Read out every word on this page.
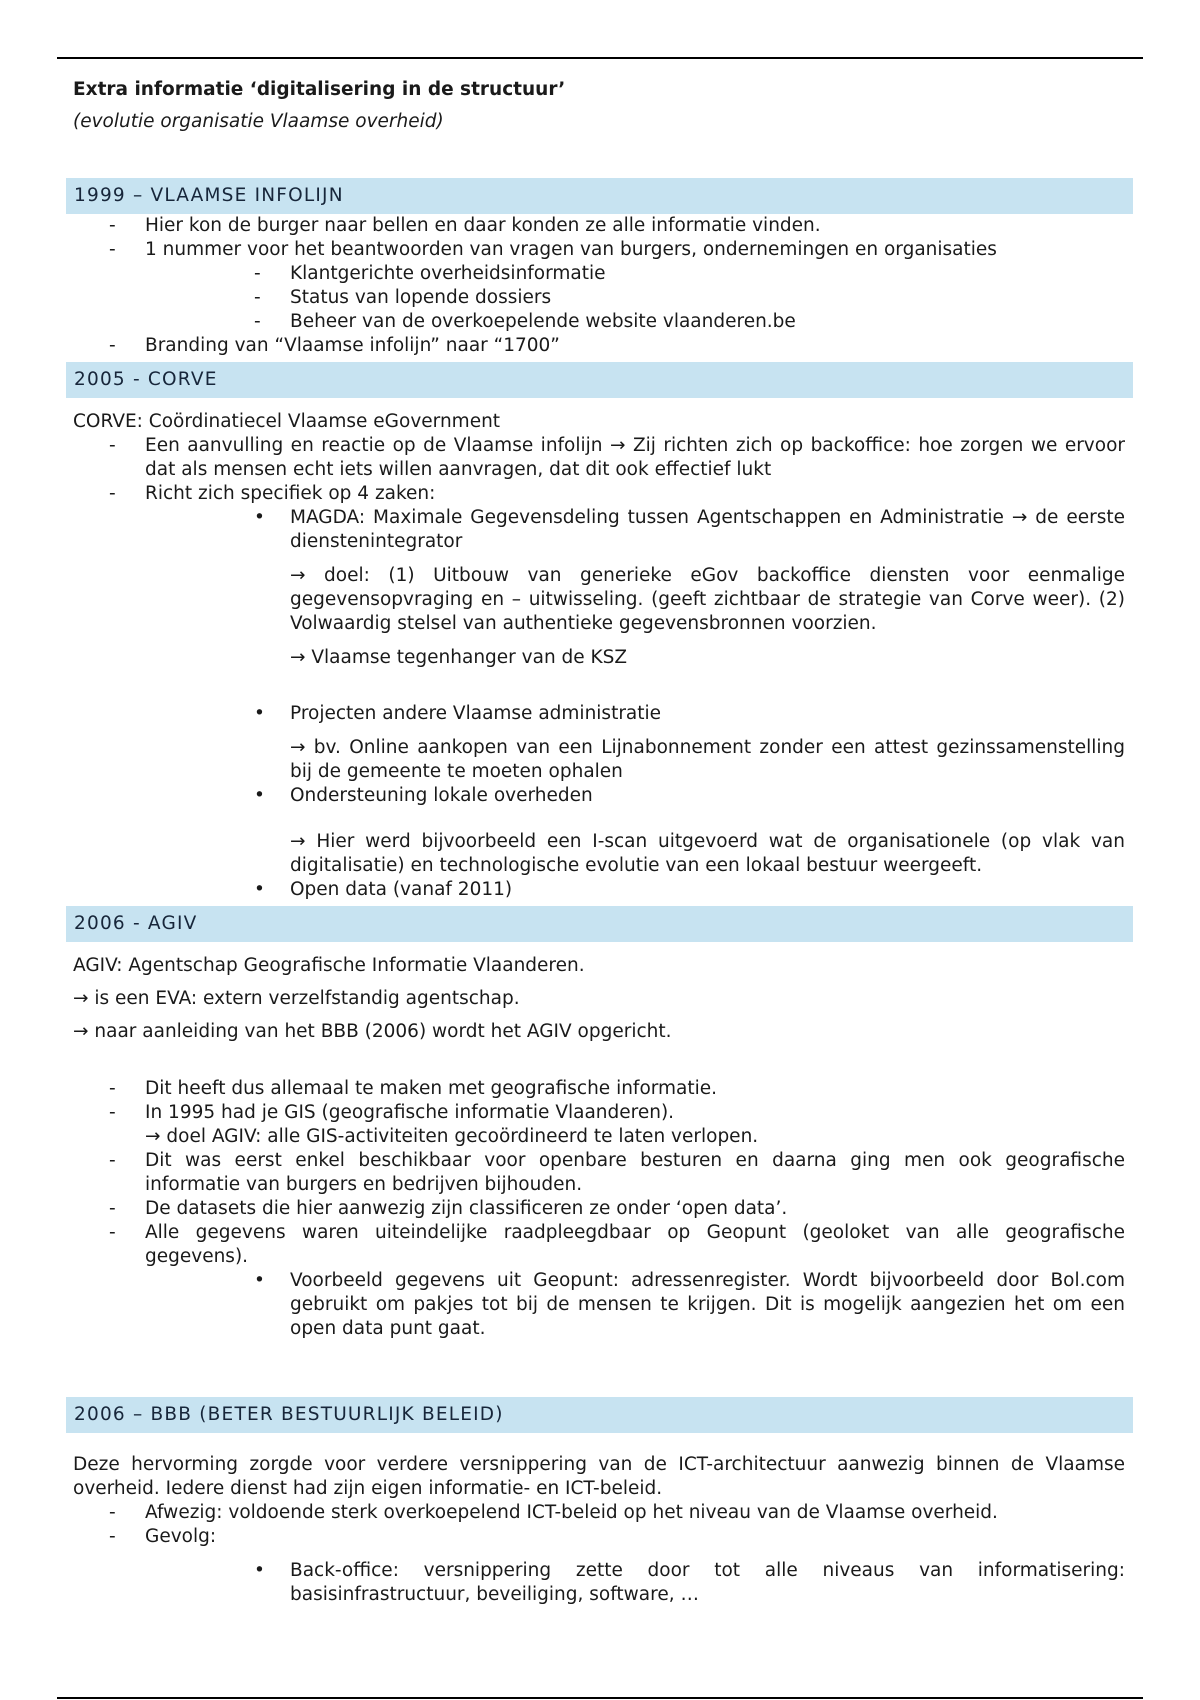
Extra informatie ‘digitalisering in de structuur’

(evolutie organisatie Vlaamse overheid)

1999 – VLAAMSE INFOLIJN
- Hier kon de burger naar bellen en daar konden ze alle informatie vinden.
- 1 nummer voor het beantwoorden van vragen van burgers, ondernemingen en organisaties
- Klantgerichte overheidsinformatie
- Status van lopende dossiers
- Beheer van de overkoepelende website vlaanderen.be
- Branding van “Vlaamse infolijn” naar “1700”
2005 - CORVE

CORVE: Coördinatiecel Vlaamse eGovernment

- Een aanvulling en reactie op de Vlaamse infolijn → Zij richten zich op backoffice: hoe zorgen we ervoor dat als mensen echt iets willen aanvragen, dat dit ook effectief lukt
- Richt zich specifiek op 4 zaken:
• MAGDA: Maximale Gegevensdeling tussen Agentschappen en Administratie → de eerste dienstenintegrator
→ doel: (1) Uitbouw van generieke eGov backoffice diensten voor eenmalige gegevensopvraging en – uitwisseling. (geeft zichtbaar de strategie van Corve weer). (2) Volwaardig stelsel van authentieke gegevensbronnen voorzien.
→ Vlaamse tegenhanger van de KSZ
• Projecten andere Vlaamse administratie
→ bv. Online aankopen van een Lijnabonnement zonder een attest gezinssamenstelling bij de gemeente te moeten ophalen
• Ondersteuning lokale overheden
→ Hier werd bijvoorbeeld een I-scan uitgevoerd wat de organisationele (op vlak van digitalisatie) en technologische evolutie van een lokaal bestuur weergeeft.
• Open data (vanaf 2011)
2006 - AGIV

AGIV: Agentschap Geografische Informatie Vlaanderen.

→ is een EVA: extern verzelfstandig agentschap.

→ naar aanleiding van het BBB (2006) wordt het AGIV opgericht.

- Dit heeft dus allemaal te maken met geografische informatie.
- In 1995 had je GIS (geografische informatie Vlaanderen).
→ doel AGIV: alle GIS-activiteiten gecoördineerd te laten verlopen.
- Dit was eerst enkel beschikbaar voor openbare besturen en daarna ging men ook geografische informatie van burgers en bedrijven bijhouden.
- De datasets die hier aanwezig zijn classificeren ze onder ‘open data’.
- Alle gegevens waren uiteindelijke raadpleegdbaar op Geopunt (geoloket van alle geografische gegevens).
• Voorbeeld gegevens uit Geopunt: adressenregister. Wordt bijvoorbeeld door Bol.com gebruikt om pakjes tot bij de mensen te krijgen. Dit is mogelijk aangezien het om een open data punt gaat.
2006 – BBB (BETER BESTUURLIJK BELEID)

Deze hervorming zorgde voor verdere versnippering van de ICT-architectuur aanwezig binnen de Vlaamse overheid. Iedere dienst had zijn eigen informatie- en ICT-beleid.

- Afwezig: voldoende sterk overkoepelend ICT-beleid op het niveau van de Vlaamse overheid.
- Gevolg:
• Back-office: versnippering zette door tot alle niveaus van informatisering: basisinfrastructuur, beveiliging, software, …
